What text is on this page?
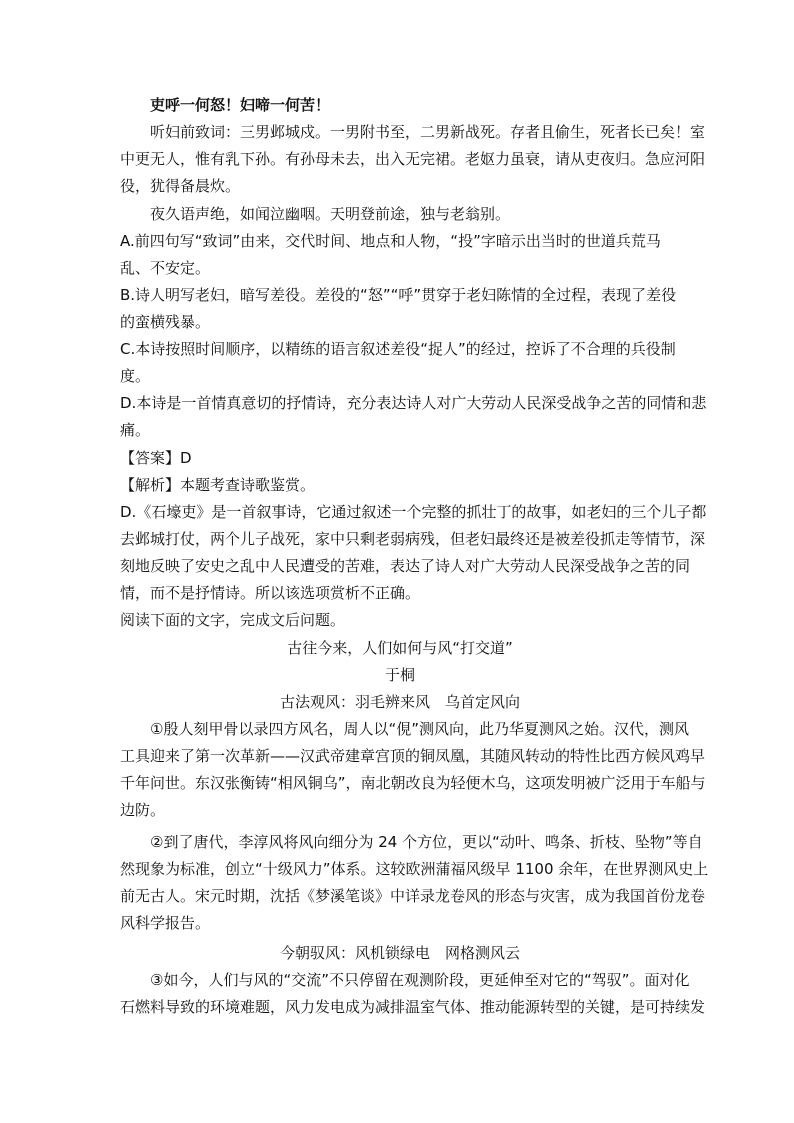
吏呼一何怒！妇啼一何苦！
听妇前致词：三男邺城戍。一男附书至，二男新战死。存者且偷生，死者长已矣！室
中更无人，惟有乳下孙。有孙母未去，出入无完裙。老妪力虽衰，请从吏夜归。急应河阳
役，犹得备晨炊。
夜久语声绝，如闻泣幽咽。天明登前途，独与老翁别。
A.前四句写“致词”由来，交代时间、地点和人物，“投”字暗示出当时的世道兵荒马
乱、不安定。
B.诗人明写老妇，暗写差役。差役的“怒”“呼”贯穿于老妇陈情的全过程，表现了差役
的蛮横残暴。
C.本诗按照时间顺序，以精练的语言叙述差役“捉人”的经过，控诉了不合理的兵役制
度。
D.本诗是一首情真意切的抒情诗，充分表达诗人对广大劳动人民深受战争之苦的同情和悲
痛。
【答案】D
【解析】本题考查诗歌鉴赏。
D.《石壕吏》是一首叙事诗，它通过叙述一个完整的抓壮丁的故事，如老妇的三个儿子都
去邺城打仗，两个儿子战死，家中只剩老弱病残，但老妇最终还是被差役抓走等情节，深
刻地反映了安史之乱中人民遭受的苦难，表达了诗人对广大劳动人民深受战争之苦的同
情，而不是抒情诗。所以该选项赏析不正确。
阅读下面的文字，完成文后问题。
古往今来，人们如何与风“打交道”
于桐
古法观风：羽毛辨来风　乌首定风向
①殷人刻甲骨以录四方风名，周人以“俔”测风向，此乃华夏测风之始。汉代，测风
工具迎来了第一次革新——汉武帝建章宫顶的铜凤凰，其随风转动的特性比西方候风鸡早
千年问世。东汉张衡铸“相风铜乌”，南北朝改良为轻便木乌，这项发明被广泛用于车船与
边防。
②到了唐代，李淳风将风向细分为 24 个方位，更以“动叶、鸣条、折枝、坠物”等自
然现象为标准，创立“十级风力”体系。这较欧洲蒲福风级早 1100 余年，在世界测风史上
前无古人。宋元时期，沈括《梦溪笔谈》中详录龙卷风的形态与灾害，成为我国首份龙卷
风科学报告。
今朝驭风：风机锁绿电　网格测风云
③如今，人们与风的“交流”不只停留在观测阶段，更延伸至对它的“驾驭”。面对化
石燃料导致的环境难题，风力发电成为减排温室气体、推动能源转型的关键，是可持续发
